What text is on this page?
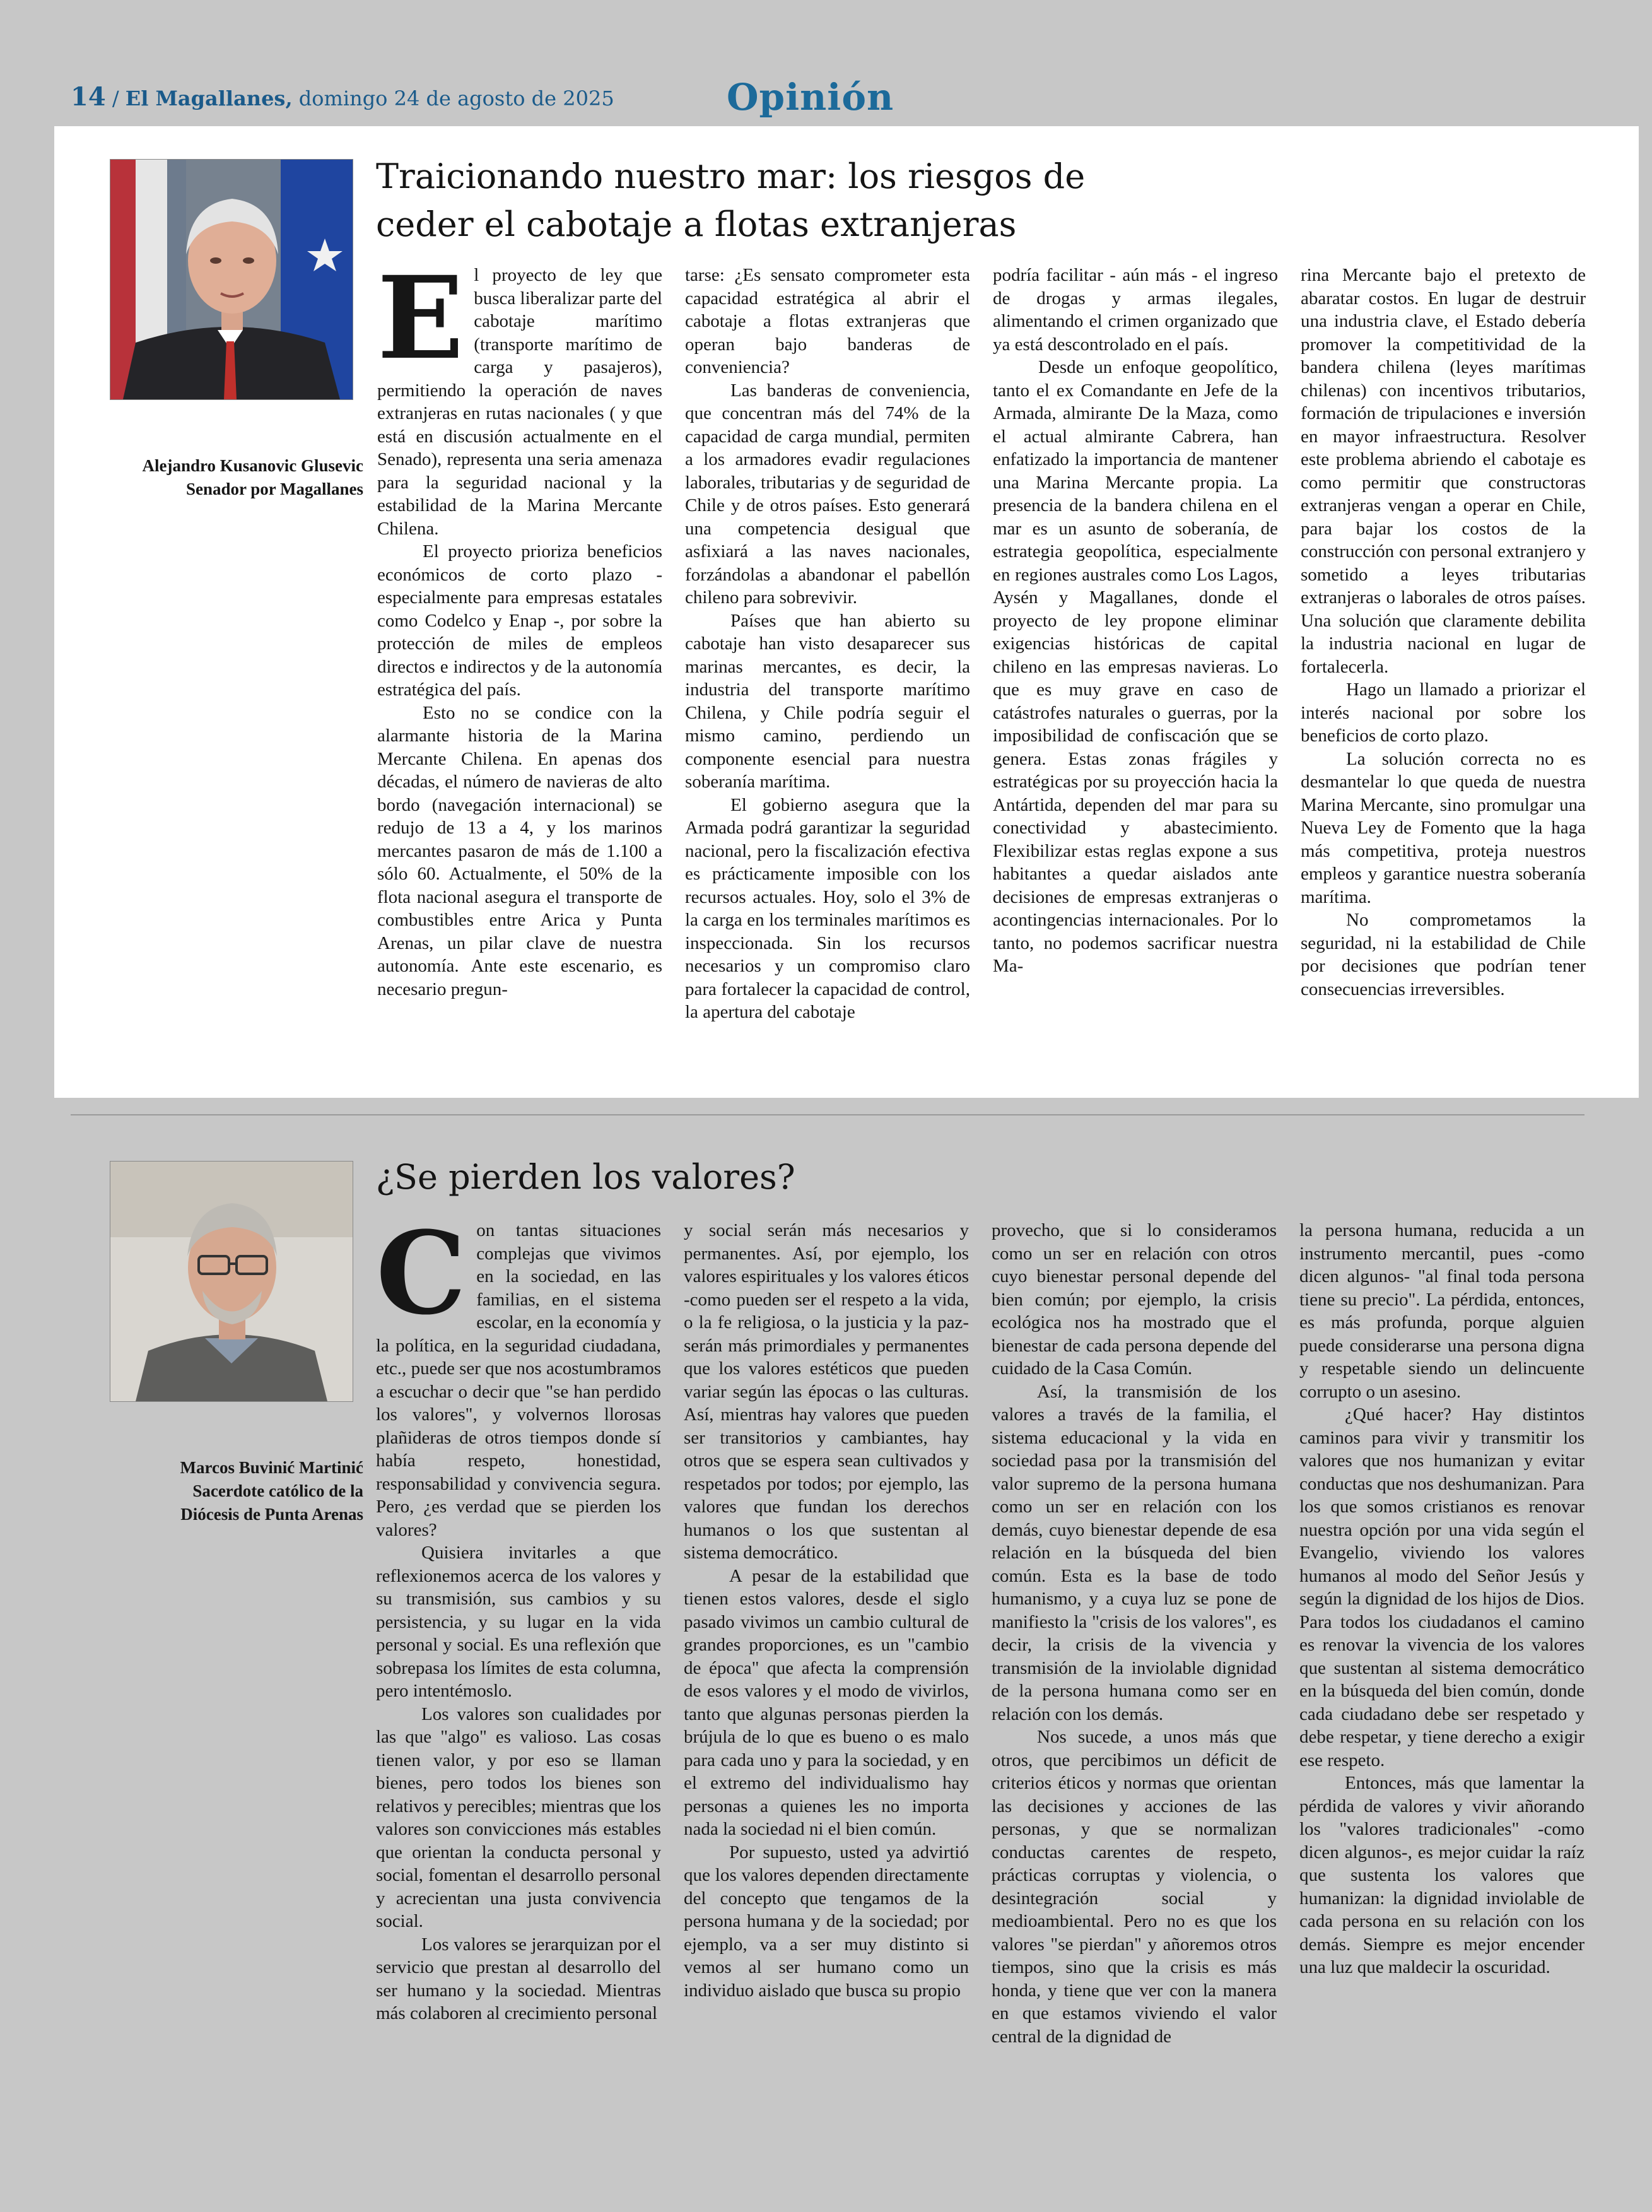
14 / El Magallanes, domingo 24 de agosto de 2025	Opinión
Alejandro Kusanovic Glusevic
Senador por Magallanes
Traicionando nuestro mar: los riesgos de
ceder el cabotaje a flotas extranjeras

El proyecto de ley que busca liberalizar parte del cabotaje marítimo (transporte marítimo de carga y pasajeros), permitiendo la operación de naves extranjeras en rutas nacionales ( y que está en discusión actualmente en el Senado), representa una seria amenaza para la seguridad nacional y la estabilidad de la Marina Mercante Chilena.

El proyecto prioriza beneficios económicos de corto plazo -especialmente para empresas estatales como Codelco y Enap -, por sobre la protección de miles de empleos directos e indirectos y de la autonomía estratégica del país.

Esto no se condice con la alarmante historia de la Marina Mercante Chilena. En apenas dos décadas, el número de navieras de alto bordo (navegación internacional) se redujo de 13 a 4, y los marinos mercantes pasaron de más de 1.100 a sólo 60. Actualmente, el 50% de la flota nacional asegura el transporte de combustibles entre Arica y Punta Arenas, un pilar clave de nuestra autonomía. Ante este escenario, es necesario pregun-

tarse: ¿Es sensato comprometer esta capacidad estratégica al abrir el cabotaje a flotas extranjeras que operan bajo banderas de conveniencia?

Las banderas de conveniencia, que concentran más del 74% de la capacidad de carga mundial, permiten a los armadores evadir regulaciones laborales, tributarias y de seguridad de Chile y de otros países. Esto generará una competencia desigual que asfixiará a las naves nacionales, forzándolas a abandonar el pabellón chileno para sobrevivir.

Países que han abierto su cabotaje han visto desaparecer sus marinas mercantes, es decir, la industria del transporte marítimo Chilena, y Chile podría seguir el mismo camino, perdiendo un componente esencial para nuestra soberanía marítima.

El gobierno asegura que la Armada podrá garantizar la seguridad nacional, pero la fiscalización efectiva es prácticamente imposible con los recursos actuales. Hoy, solo el 3% de la carga en los terminales marítimos es inspeccionada. Sin los recursos necesarios y un compromiso claro para fortalecer la capacidad de control, la apertura del cabotaje

podría facilitar - aún más - el ingreso de drogas y armas ilegales, alimentando el crimen organizado que ya está descontrolado en el país.

Desde un enfoque geopolítico, tanto el ex Comandante en Jefe de la Armada, almirante De la Maza, como el actual almirante Cabrera, han enfatizado la importancia de mantener una Marina Mercante propia. La presencia de la bandera chilena en el mar es un asunto de soberanía, de estrategia geopolítica, especialmente en regiones australes como Los Lagos, Aysén y Magallanes, donde el proyecto de ley propone eliminar exigencias históricas de capital chileno en las empresas navieras. Lo que es muy grave en caso de catástrofes naturales o guerras, por la imposibilidad de confiscación que se genera. Estas zonas frágiles y estratégicas por su proyección hacia la Antártida, dependen del mar para su conectividad y abastecimiento. Flexibilizar estas reglas expone a sus habitantes a quedar aislados ante decisiones de empresas extranjeras o acontingencias internacionales. Por lo tanto, no podemos sacrificar nuestra Ma-

rina Mercante bajo el pretexto de abaratar costos. En lugar de destruir una industria clave, el Estado debería promover la competitividad de la bandera chilena (leyes marítimas chilenas) con incentivos tributarios, formación de tripulaciones e inversión en mayor infraestructura. Resolver este problema abriendo el cabotaje es como permitir que constructoras extranjeras vengan a operar en Chile, para bajar los costos de la construcción con personal extranjero y sometido a leyes tributarias extranjeras o laborales de otros países. Una solución que claramente debilita la industria nacional en lugar de fortalecerla.

Hago un llamado a priorizar el interés nacional por sobre los beneficios de corto plazo.

La solución correcta no es desmantelar lo que queda de nuestra Marina Mercante, sino promulgar una Nueva Ley de Fomento que la haga más competitiva, proteja nuestros empleos y garantice nuestra soberanía marítima.

No comprometamos la seguridad, ni la estabilidad de Chile por decisiones que podrían tener consecuencias irreversibles.

Marcos Buvinić Martinić
Sacerdote católico de la
Diócesis de Punta Arenas
¿Se pierden los valores?

Con tantas situaciones complejas que vivimos en la sociedad, en las familias, en el sistema escolar, en la economía y la política, en la seguridad ciudadana, etc., puede ser que nos acostumbramos a escuchar o decir que "se han perdido los valores", y volvernos llorosas plañideras de otros tiempos donde sí había respeto, honestidad, responsabilidad y convivencia segura. Pero, ¿es verdad que se pierden los valores?

Quisiera invitarles a que reflexionemos acerca de los valores y su transmisión, sus cambios y su persistencia, y su lugar en la vida personal y social. Es una reflexión que sobrepasa los límites de esta columna, pero intentémoslo.

Los valores son cualidades por las que "algo" es valioso. Las cosas tienen valor, y por eso se llaman bienes, pero todos los bienes son relativos y perecibles; mientras que los valores son convicciones más estables que orientan la conducta personal y social, fomentan el desarrollo personal y acrecientan una justa convivencia social.

Los valores se jerarquizan por el servicio que prestan al desarrollo del ser humano y la sociedad. Mientras más colaboren al crecimiento personal

y social serán más necesarios y permanentes. Así, por ejemplo, los valores espirituales y los valores éticos -como pueden ser el respeto a la vida, o la fe religiosa, o la justicia y la paz- serán más primordiales y permanentes que los valores estéticos que pueden variar según las épocas o las culturas. Así, mientras hay valores que pueden ser transitorios y cambiantes, hay otros que se espera sean cultivados y respetados por todos; por ejemplo, las valores que fundan los derechos humanos o los que sustentan al sistema democrático.

A pesar de la estabilidad que tienen estos valores, desde el siglo pasado vivimos un cambio cultural de grandes proporciones, es un "cambio de época" que afecta la comprensión de esos valores y el modo de vivirlos, tanto que algunas personas pierden la brújula de lo que es bueno o es malo para cada uno y para la sociedad, y en el extremo del individualismo hay personas a quienes les no importa nada la sociedad ni el bien común.

Por supuesto, usted ya advirtió que los valores dependen directamente del concepto que tengamos de la persona humana y de la sociedad; por ejemplo, va a ser muy distinto si vemos al ser humano como un individuo aislado que busca su propio

provecho, que si lo consideramos como un ser en relación con otros cuyo bienestar personal depende del bien común; por ejemplo, la crisis ecológica nos ha mostrado que el bienestar de cada persona depende del cuidado de la Casa Común.

Así, la transmisión de los valores a través de la familia, el sistema educacional y la vida en sociedad pasa por la transmisión del valor supremo de la persona humana como un ser en relación con los demás, cuyo bienestar depende de esa relación en la búsqueda del bien común. Esta es la base de todo humanismo, y a cuya luz se pone de manifiesto la "crisis de los valores", es decir, la crisis de la vivencia y transmisión de la inviolable dignidad de la persona humana como ser en relación con los demás.

Nos sucede, a unos más que otros, que percibimos un déficit de criterios éticos y normas que orientan las decisiones y acciones de las personas, y que se normalizan conductas carentes de respeto, prácticas corruptas y violencia, o desintegración social y medioambiental. Pero no es que los valores "se pierdan" y añoremos otros tiempos, sino que la crisis es más honda, y tiene que ver con la manera en que estamos viviendo el valor central de la dignidad de

la persona humana, reducida a un instrumento mercantil, pues -como dicen algunos- "al final toda persona tiene su precio". La pérdida, entonces, es más profunda, porque alguien puede considerarse una persona digna y respetable siendo un delincuente corrupto o un asesino.

¿Qué hacer? Hay distintos caminos para vivir y transmitir los valores que nos humanizan y evitar conductas que nos deshumanizan. Para los que somos cristianos es renovar nuestra opción por una vida según el Evangelio, viviendo los valores humanos al modo del Señor Jesús y según la dignidad de los hijos de Dios. Para todos los ciudadanos el camino es renovar la vivencia de los valores que sustentan al sistema democrático en la búsqueda del bien común, donde cada ciudadano debe ser respetado y debe respetar, y tiene derecho a exigir ese respeto.

Entonces, más que lamentar la pérdida de valores y vivir añorando los "valores tradicionales" -como dicen algunos-, es mejor cuidar la raíz que sustenta los valores que humanizan: la dignidad inviolable de cada persona en su relación con los demás. Siempre es mejor encender una luz que maldecir la oscuridad.
